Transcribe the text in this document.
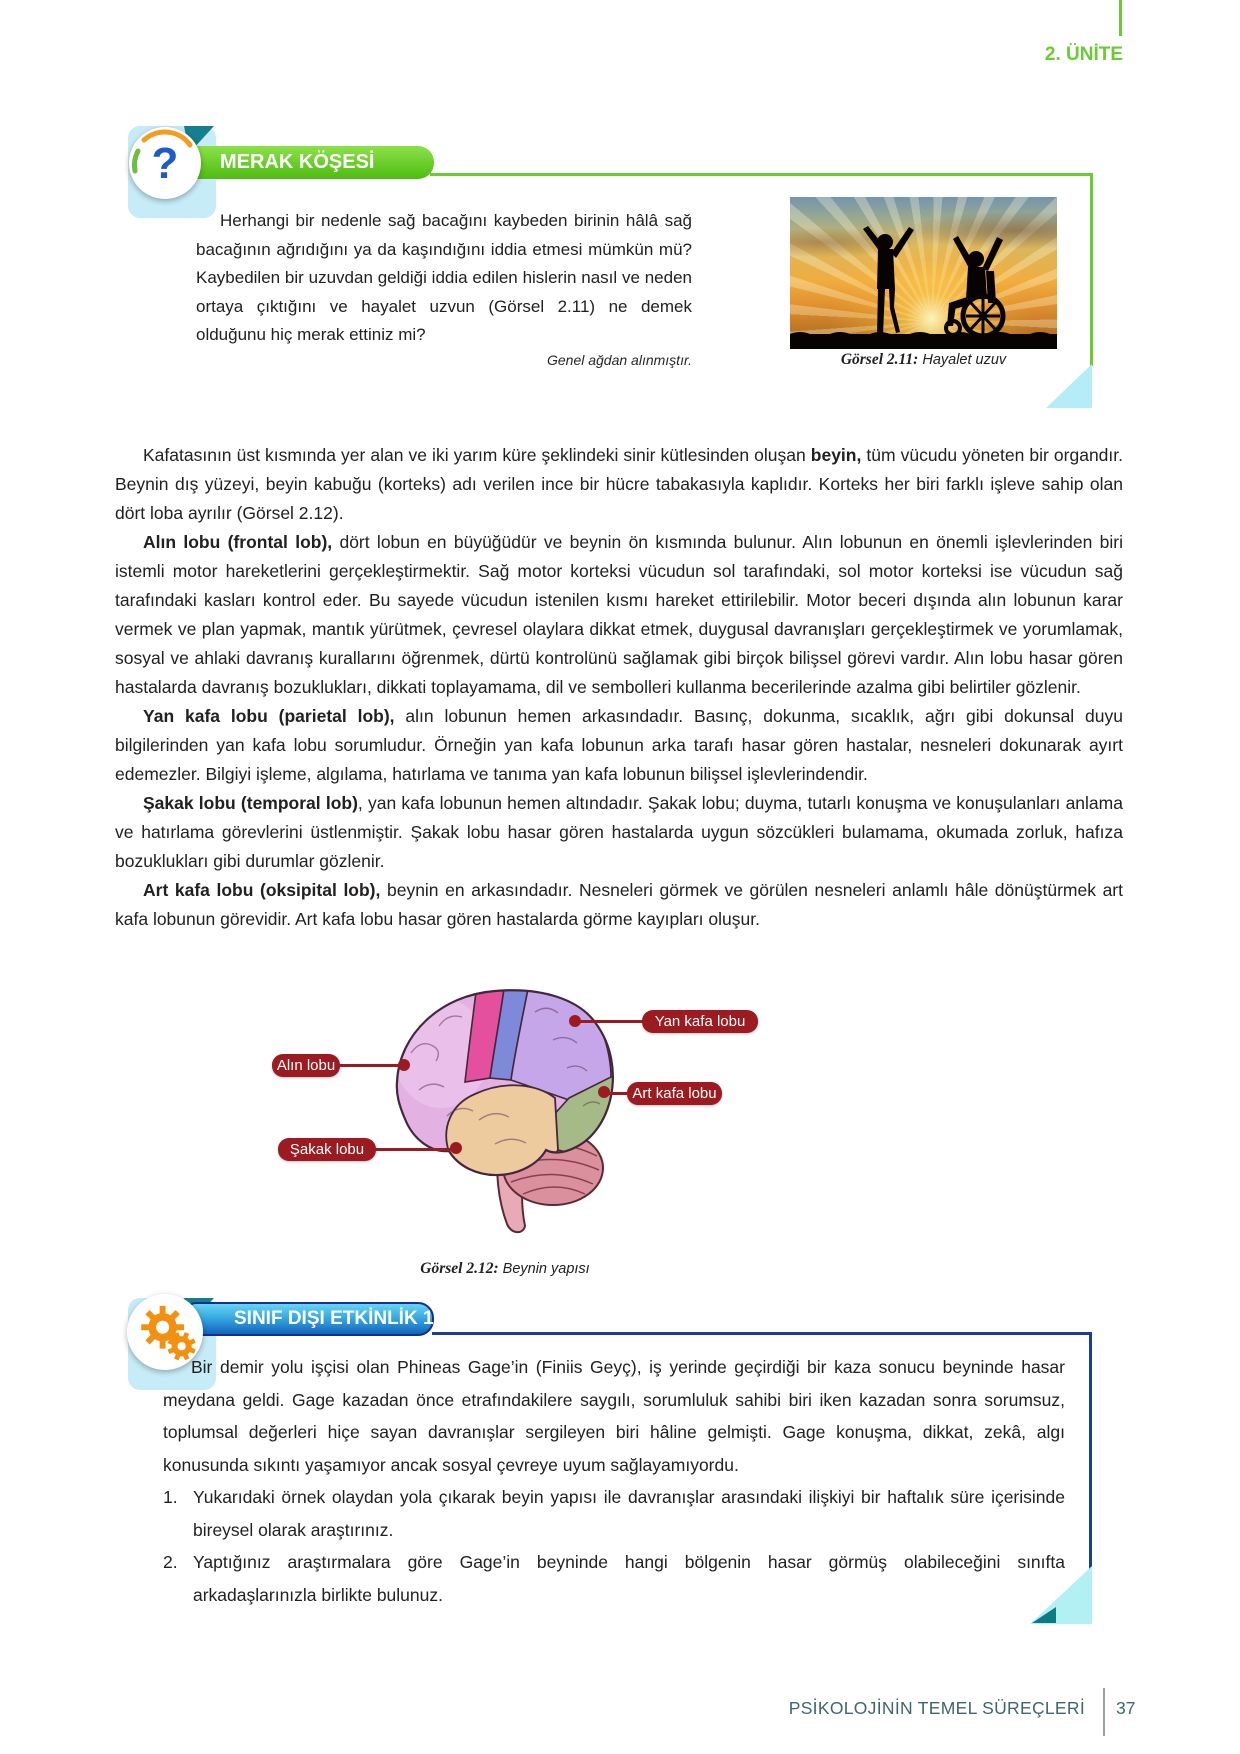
2. ÜNİTE
MERAK KÖŞESİ
?

Herhangi bir nedenle sağ bacağını kaybeden birinin hâlâ sağ bacağının ağrıdığını ya da kaşındığını iddia etmesi mümkün mü? Kaybedilen bir uzuvdan geldiği iddia edilen hislerin nasıl ve neden ortaya çıktığını ve hayalet uzvun (Görsel 2.11) ne demek olduğunu hiç merak ettiniz mi?

Genel ağdan alınmıştır.	Görsel 2.11: Hayalet uzuv

Kafatasının üst kısmında yer alan ve iki yarım küre şeklindeki sinir kütlesinden oluşan beyin, tüm vücudu yöneten bir organdır. Beynin dış yüzeyi, beyin kabuğu (korteks) adı verilen ince bir hücre tabakasıyla kaplıdır. Korteks her biri farklı işleve sahip olan dört loba ayrılır (Görsel 2.12).

Alın lobu (frontal lob), dört lobun en büyüğüdür ve beynin ön kısmında bulunur. Alın lobunun en önemli işlevlerinden biri istemli motor hareketlerini gerçekleştirmektir. Sağ motor korteksi vücudun sol tarafındaki, sol motor korteksi ise vücudun sağ tarafındaki kasları kontrol eder. Bu sayede vücudun istenilen kısmı hareket ettirilebilir. Motor beceri dışında alın lobunun karar vermek ve plan yapmak, mantık yürütmek, çevresel olaylara dikkat etmek, duygusal davranışları gerçekleştirmek ve yorumlamak, sosyal ve ahlaki davranış kurallarını öğrenmek, dürtü kontrolünü sağlamak gibi birçok bilişsel görevi vardır. Alın lobu hasar gören hastalarda davranış bozuklukları, dikkati toplayamama, dil ve sembolleri kullanma becerilerinde azalma gibi belirtiler gözlenir.

Yan kafa lobu (parietal lob), alın lobunun hemen arkasındadır. Basınç, dokunma, sıcaklık, ağrı gibi dokunsal duyu bilgilerinden yan kafa lobu sorumludur. Örneğin yan kafa lobunun arka tarafı hasar gören hastalar, nesneleri dokunarak ayırt edemezler. Bilgiyi işleme, algılama, hatırlama ve tanıma yan kafa lobunun bilişsel işlevlerindendir.

Şakak lobu (temporal lob), yan kafa lobunun hemen altındadır. Şakak lobu; duyma, tutarlı konuşma ve konuşulanları anlama ve hatırlama görevlerini üstlenmiştir. Şakak lobu hasar gören hastalarda uygun sözcükleri bulamama, okumada zorluk, hafıza bozuklukları gibi durumlar gözlenir.

Art kafa lobu (oksipital lob), beynin en arkasındadır. Nesneleri görmek ve görülen nesneleri anlamlı hâle dönüştürmek art kafa lobunun görevidir. Art kafa lobu hasar gören hastalarda görme kayıpları oluşur.

Alın lobu
Yan kafa lobu
Art kafa lobu
Şakak lobu
Görsel 2.12: Beynin yapısı
SINIF DIŞI ETKİNLİK 1

Bir demir yolu işçisi olan Phineas Gage’in (Finiis Geyç), iş yerinde geçirdiği bir kaza sonucu beyninde hasar meydana geldi. Gage kazadan önce etrafındakilere saygılı, sorumluluk sahibi biri iken kazadan sonra sorumsuz, toplumsal değerleri hiçe sayan davranışlar sergileyen biri hâline gelmişti. Gage konuşma, dikkat, zekâ, algı konusunda sıkıntı yaşamıyor ancak sosyal çevreye uyum sağlayamıyordu.

1. Yukarıdaki örnek olaydan yola çıkarak beyin yapısı ile davranışlar arasındaki ilişkiyi bir haftalık süre içerisinde bireysel olarak araştırınız.
2. Yaptığınız araştırmalara göre Gage’in beyninde hangi bölgenin hasar görmüş olabileceğini sınıfta arkadaşlarınızla birlikte bulunuz.
PSİKOLOJİNİN TEMEL SÜREÇLERİ 37
